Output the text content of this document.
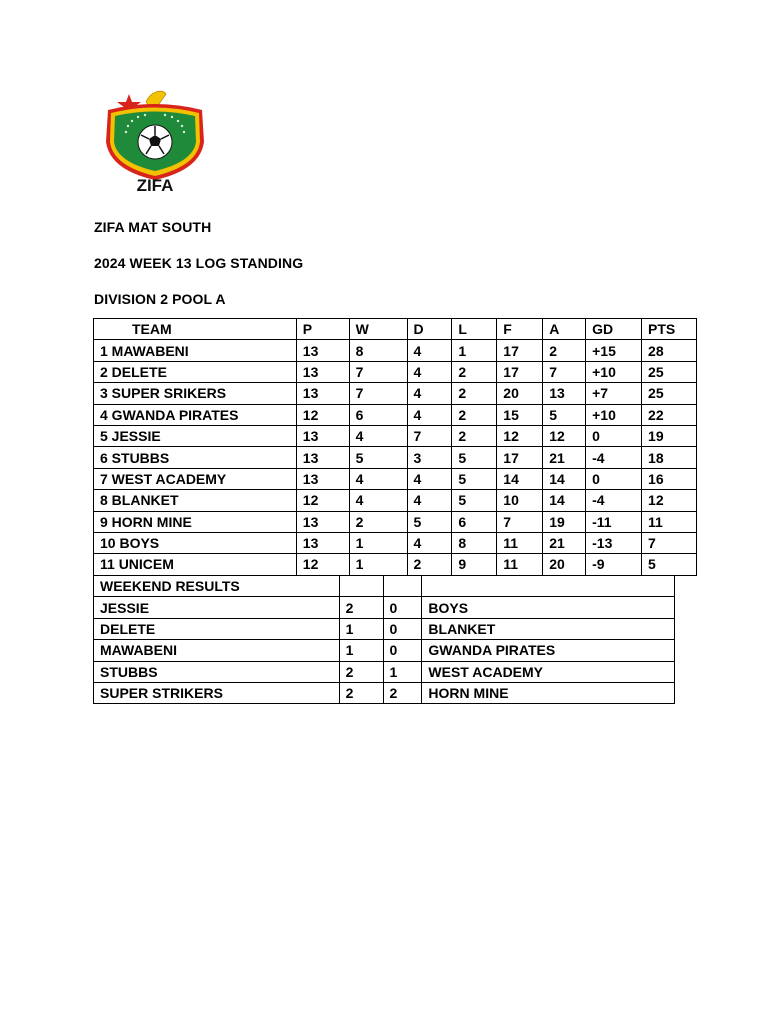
ZIFA
ZIFA MAT SOUTH
2024 WEEK 13 LOG STANDING
DIVISION 2 POOL A
TEAM	P	W	D	L	F	A	GD	PTS
1 MAWABENI	13	8	4	1	17	2	+15	28
2 DELETE	13	7	4	2	17	7	+10	25
3 SUPER SRIKERS	13	7	4	2	20	13	+7	25
4 GWANDA PIRATES	12	6	4	2	15	5	+10	22
5 JESSIE	13	4	7	2	12	12	0	19
6 STUBBS	13	5	3	5	17	21	-4	18
7 WEST ACADEMY	13	4	4	5	14	14	0	16
8 BLANKET	12	4	4	5	10	14	-4	12
9 HORN MINE	13	2	5	6	7	19	-11	11
10 BOYS	13	1	4	8	11	21	-13	7
11 UNICEM	12	1	2	9	11	20	-9	5
WEEKEND RESULTS			
JESSIE	2	0	BOYS
DELETE	1	0	BLANKET
MAWABENI	1	0	GWANDA PIRATES
STUBBS	2	1	WEST ACADEMY
SUPER STRIKERS	2	2	HORN MINE
